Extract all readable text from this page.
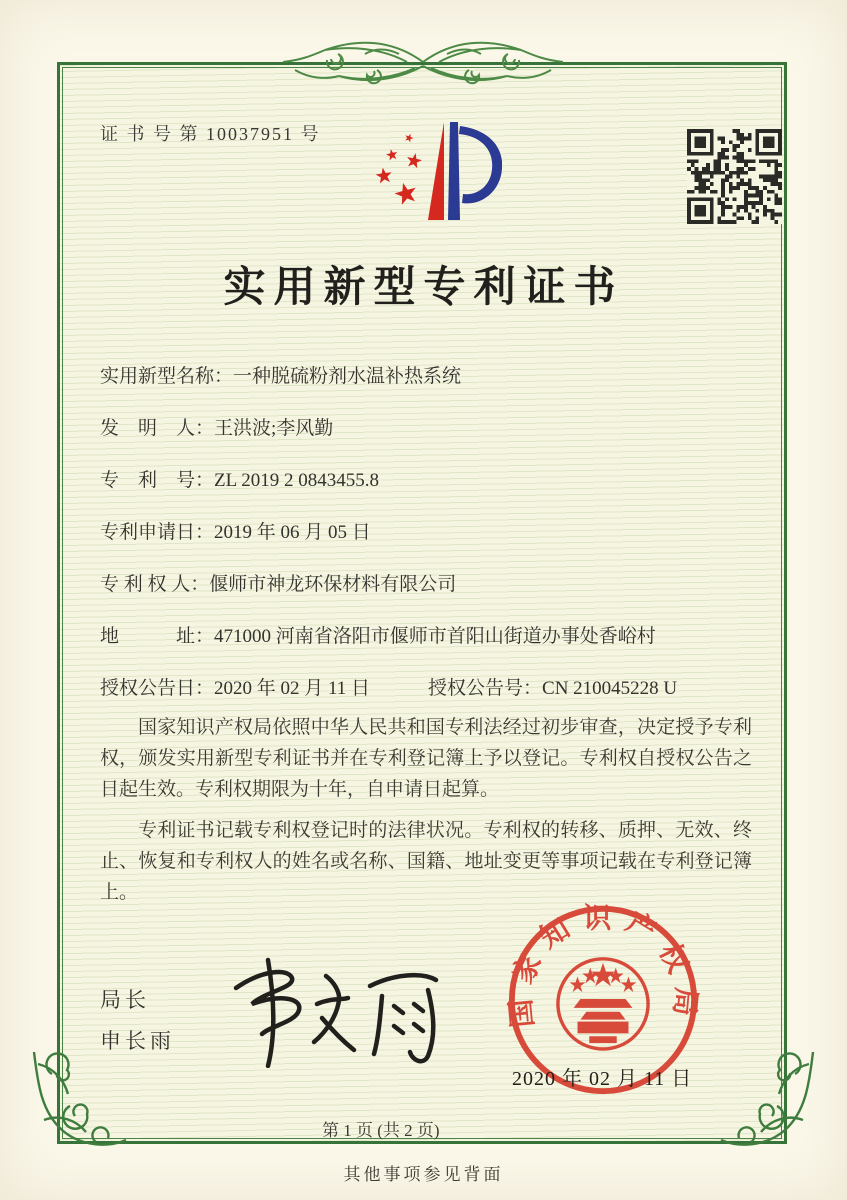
证 书 号 第 10037951 号
实用新型专利证书
实用新型名称：一种脱硫粉剂水温补热系统
发　明　人：王洪波;李风勤
专　利　号：ZL 2019 2 0843455.8
专利申请日：2019 年 06 月 05 日
专 利 权 人：偃师市神龙环保材料有限公司
地　　　址：471000 河南省洛阳市偃师市首阳山街道办事处香峪村
授权公告日：2020 年 02 月 11 日	授权公告号：CN 210045228 U

国家知识产权局依照中华人民共和国专利法经过初步审查，决定授予专利权，颁发实用新型专利证书并在专利登记簿上予以登记。专利权自授权公告之日起生效。专利权期限为十年，自申请日起算。

专利证书记载专利权登记时的法律状况。专利权的转移、质押、无效、终止、恢复和专利权人的姓名或名称、国籍、地址变更等事项记载在专利登记簿上。

局长
申长雨
国家知识产权局
2020 年 02 月 11 日
第 1 页 (共 2 页)
其他事项参见背面
